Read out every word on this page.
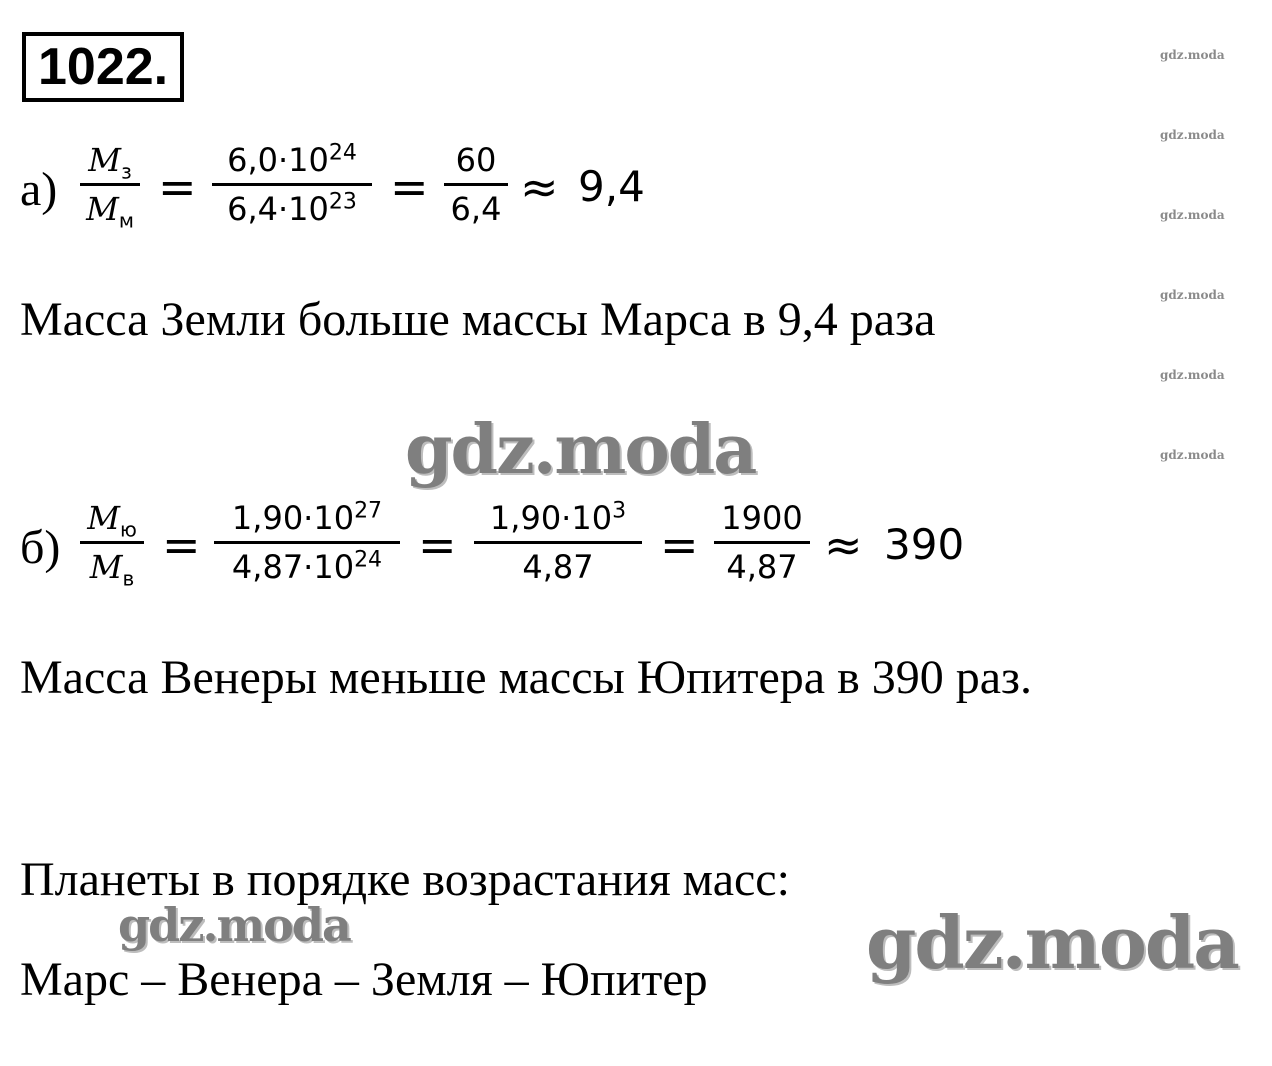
1022.	gdz.moda
gdz.moda
gdz.moda
gdz.moda
gdz.moda
gdz.moda
а)
$M_з$
$M_м$
= $6,0\cdot 10^{24}$
$6,4\cdot 10^{23} = 60$
6,4 ≈ 9,4
Масса Земли больше массы Марса в 9,4 раза
gdz.moda
б)
$M_ю$
$M_в$
= $1,90\cdot 10^{27}$
$4,87\cdot 10^{24}$ =	$1,90\cdot 10^3$
4,87	= 1900
4,87 ≈ 390
Масса Венеры меньше массы Юпитера в 390 раз.
Планеты в порядке возрастания масс:
gdz.moda
Марс – Венера – Земля – Юпитер gdz.moda
